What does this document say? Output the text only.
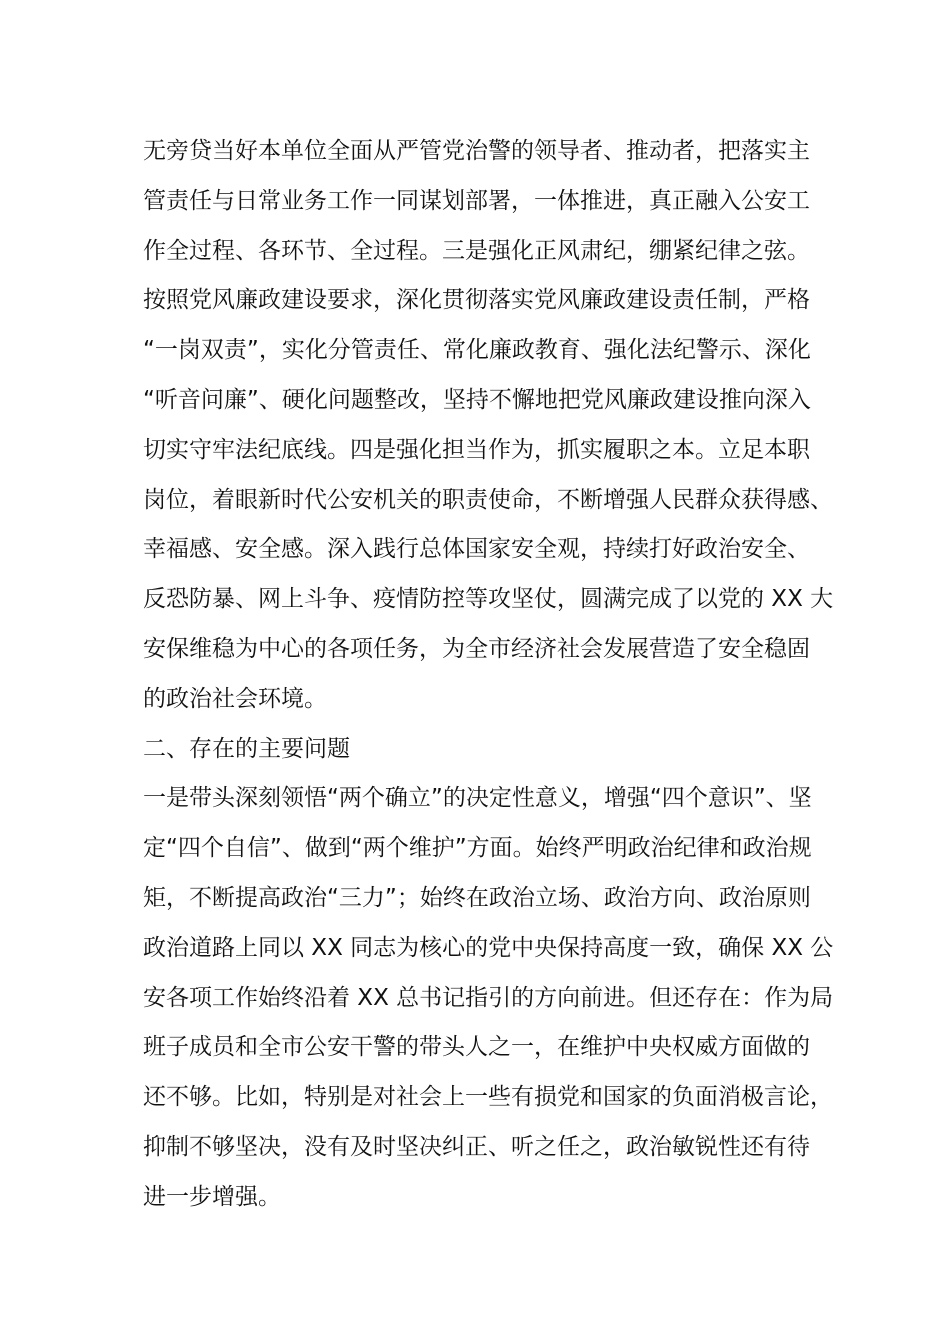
无旁贷当好本单位全面从严管党治警的领导者、推动者，把落实主
管责任与日常业务工作一同谋划部署，一体推进，真正融入公安工
作全过程、各环节、全过程。三是强化正风肃纪，绷紧纪律之弦。
按照党风廉政建设要求，深化贯彻落实党风廉政建设责任制，严格
“一岗双责”，实化分管责任、常化廉政教育、强化法纪警示、深化
“听音问廉”、硬化问题整改，坚持不懈地把党风廉政建设推向深入
切实守牢法纪底线。四是强化担当作为，抓实履职之本。立足本职
岗位，着眼新时代公安机关的职责使命，不断增强人民群众获得感、
幸福感、安全感。深入践行总体国家安全观，持续打好政治安全、
反恐防暴、网上斗争、疫情防控等攻坚仗，圆满完成了以党的 XX 大
安保维稳为中心的各项任务，为全市经济社会发展营造了安全稳固
的政治社会环境。
二、存在的主要问题
一是带头深刻领悟“两个确立”的决定性意义，增强“四个意识”、坚
定“四个自信”、做到“两个维护”方面。始终严明政治纪律和政治规
矩，不断提高政治“三力”；始终在政治立场、政治方向、政治原则
政治道路上同以 XX 同志为核心的党中央保持高度一致，确保 XX 公
安各项工作始终沿着 XX 总书记指引的方向前进。但还存在：作为局
班子成员和全市公安干警的带头人之一，在维护中央权威方面做的
还不够。比如，特别是对社会上一些有损党和国家的负面消极言论，
抑制不够坚决，没有及时坚决纠正、听之任之，政治敏锐性还有待
进一步增强。
